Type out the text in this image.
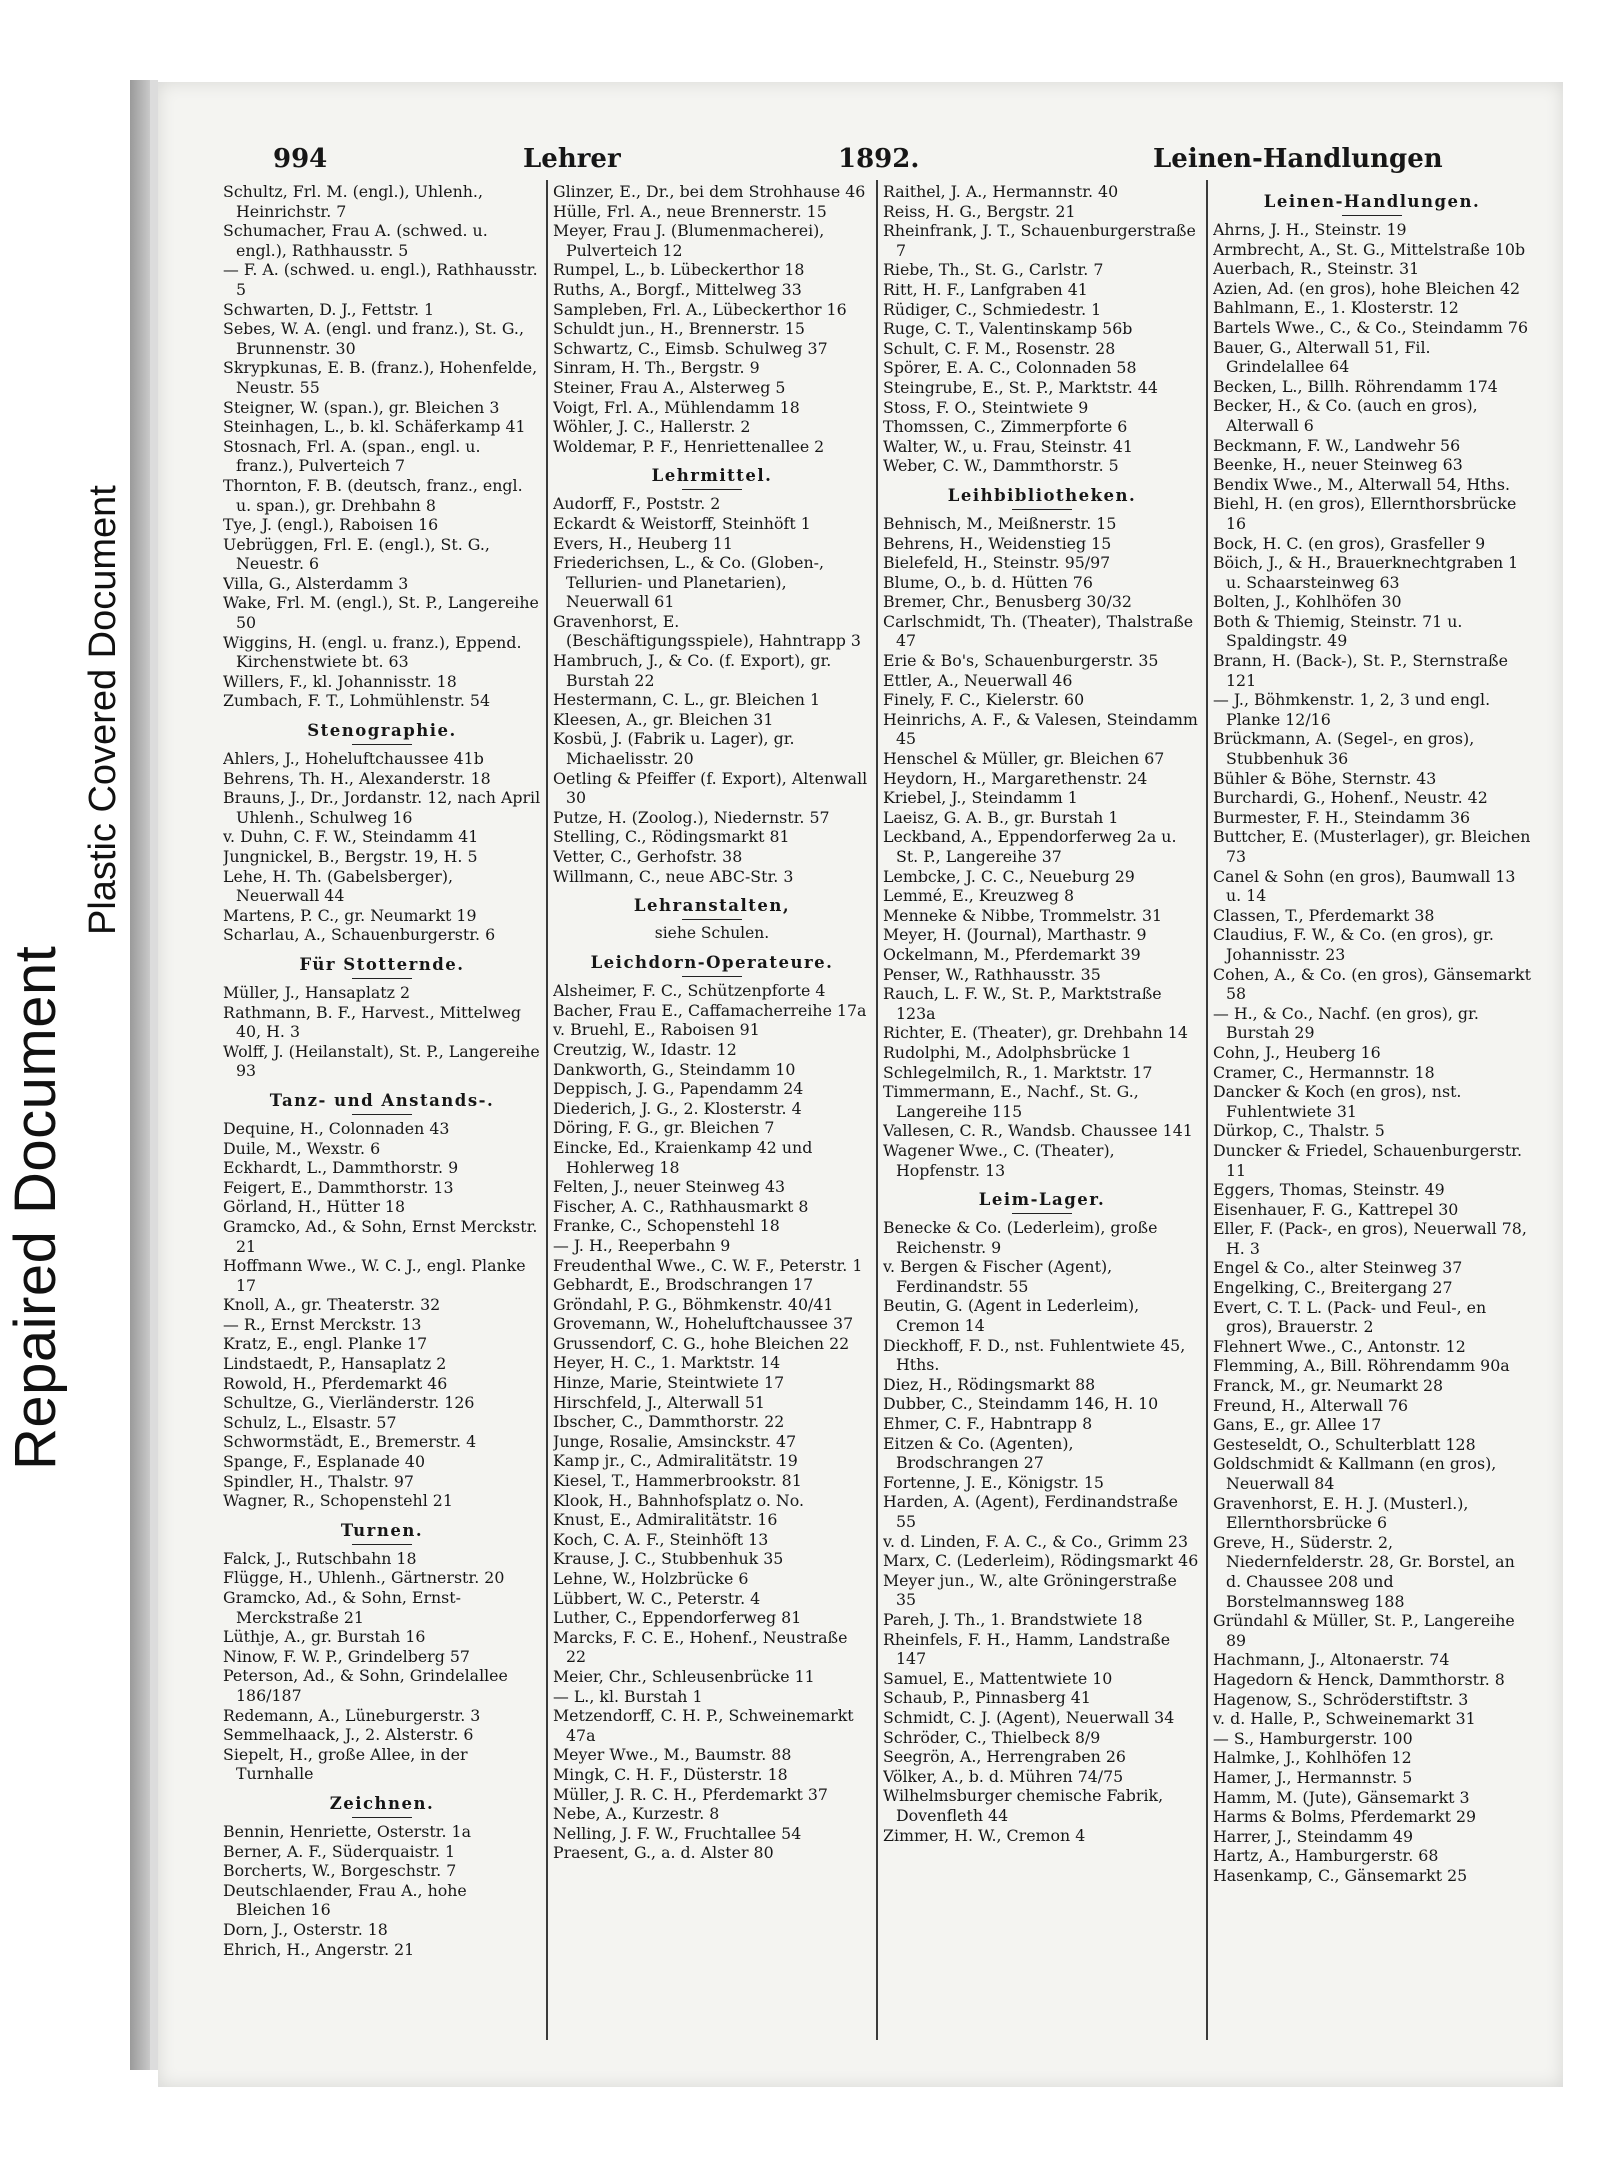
Repaired Document
Plastic Covered Document
994	Lehrer	1892.	Leinen-Handlungen

Schultz, Frl. M. (engl.), Uhlenh., Heinrichstr. 7

Schumacher, Frau A. (schwed. u. engl.), Rathhausstr. 5

— F. A. (schwed. u. engl.), Rathhausstr. 5

Schwarten, D. J., Fettstr. 1

Sebes, W. A. (engl. und franz.), St. G., Brunnenstr. 30

Skrypkunas, E. B. (franz.), Hohenfelde, Neustr. 55

Steigner, W. (span.), gr. Bleichen 3

Steinhagen, L., b. kl. Schäferkamp 41

Stosnach, Frl. A. (span., engl. u. franz.), Pulverteich 7

Thornton, F. B. (deutsch, franz., engl. u. span.), gr. Drehbahn 8

Tye, J. (engl.), Raboisen 16

Uebrüggen, Frl. E. (engl.), St. G., Neuestr. 6

Villa, G., Alsterdamm 3

Wake, Frl. M. (engl.), St. P., Langereihe 50

Wiggins, H. (engl. u. franz.), Eppend. Kirchenstwiete bt. 63

Willers, F., kl. Johannisstr. 18

Zumbach, F. T., Lohmühlenstr. 54

Stenographie.

Ahlers, J., Hoheluftchaussee 41b

Behrens, Th. H., Alexanderstr. 18

Brauns, J., Dr., Jordanstr. 12, nach April Uhlenh., Schulweg 16

v. Duhn, C. F. W., Steindamm 41

Jungnickel, B., Bergstr. 19, H. 5

Lehe, H. Th. (Gabelsberger), Neuerwall 44

Martens, P. C., gr. Neumarkt 19

Scharlau, A., Schauenburgerstr. 6

Für Stotternde.

Müller, J., Hansaplatz 2

Rathmann, B. F., Harvest., Mittelweg 40, H. 3

Wolff, J. (Heilanstalt), St. P., Langereihe 93

Tanz- und Anstands-.

Dequine, H., Colonnaden 43

Duile, M., Wexstr. 6

Eckhardt, L., Dammthorstr. 9

Feigert, E., Dammthorstr. 13

Görland, H., Hütter 18

Gramcko, Ad., & Sohn, Ernst Merckstr. 21

Hoffmann Wwe., W. C. J., engl. Planke 17

Knoll, A., gr. Theaterstr. 32

— R., Ernst Merckstr. 13

Kratz, E., engl. Planke 17

Lindstaedt, P., Hansaplatz 2

Rowold, H., Pferdemarkt 46

Schultze, G., Vierländerstr. 126

Schulz, L., Elsastr. 57

Schwormstädt, E., Bremerstr. 4

Spange, F., Esplanade 40

Spindler, H., Thalstr. 97

Wagner, R., Schopenstehl 21

Turnen.

Falck, J., Rutschbahn 18

Flügge, H., Uhlenh., Gärtnerstr. 20

Gramcko, Ad., & Sohn, Ernst-Merckstraße 21

Lüthje, A., gr. Burstah 16

Ninow, F. W. P., Grindelberg 57

Peterson, Ad., & Sohn, Grindelallee 186/187

Redemann, A., Lüneburgerstr. 3

Semmelhaack, J., 2. Alsterstr. 6

Siepelt, H., große Allee, in der Turnhalle

Zeichnen.

Bennin, Henriette, Osterstr. 1a

Berner, A. F., Süderquaistr. 1

Borcherts, W., Borgeschstr. 7

Deutschlaender, Frau A., hohe Bleichen 16

Dorn, J., Osterstr. 18

Ehrich, H., Angerstr. 21

Glinzer, E., Dr., bei dem Strohhause 46

Hülle, Frl. A., neue Brennerstr. 15

Meyer, Frau J. (Blumenmacherei), Pulverteich 12

Rumpel, L., b. Lübeckerthor 18

Ruths, A., Borgf., Mittelweg 33

Sampleben, Frl. A., Lübeckerthor 16

Schuldt jun., H., Brennerstr. 15

Schwartz, C., Eimsb. Schulweg 37

Sinram, H. Th., Bergstr. 9

Steiner, Frau A., Alsterweg 5

Voigt, Frl. A., Mühlendamm 18

Wöhler, J. C., Hallerstr. 2

Woldemar, P. F., Henriettenallee 2

Lehrmittel.

Audorff, F., Poststr. 2

Eckardt & Weistorff, Steinhöft 1

Evers, H., Heuberg 11

Friederichsen, L., & Co. (Globen-, Tellurien- und Planetarien), Neuerwall 61

Gravenhorst, E. (Beschäftigungsspiele), Hahntrapp 3

Hambruch, J., & Co. (f. Export), gr. Burstah 22

Hestermann, C. L., gr. Bleichen 1

Kleesen, A., gr. Bleichen 31

Kosbü, J. (Fabrik u. Lager), gr. Michaelisstr. 20

Oetling & Pfeiffer (f. Export), Altenwall 30

Putze, H. (Zoolog.), Niedernstr. 57

Stelling, C., Rödingsmarkt 81

Vetter, C., Gerhofstr. 38

Willmann, C., neue ABC-Str. 3

Lehranstalten,
siehe Schulen.
Leichdorn-Operateure.

Alsheimer, F. C., Schützenpforte 4

Bacher, Frau E., Caffamacherreihe 17a

v. Bruehl, E., Raboisen 91

Creutzig, W., Idastr. 12

Dankworth, G., Steindamm 10

Deppisch, J. G., Papendamm 24

Diederich, J. G., 2. Klosterstr. 4

Döring, F. G., gr. Bleichen 7

Eincke, Ed., Kraienkamp 42 und Hohlerweg 18

Felten, J., neuer Steinweg 43

Fischer, A. C., Rathhausmarkt 8

Franke, C., Schopenstehl 18

— J. H., Reeperbahn 9

Freudenthal Wwe., C. W. F., Peterstr. 1

Gebhardt, E., Brodschrangen 17

Gröndahl, P. G., Böhmkenstr. 40/41

Grovemann, W., Hoheluftchaussee 37

Grussendorf, C. G., hohe Bleichen 22

Heyer, H. C., 1. Marktstr. 14

Hinze, Marie, Steintwiete 17

Hirschfeld, J., Alterwall 51

Ibscher, C., Dammthorstr. 22

Junge, Rosalie, Amsinckstr. 47

Kamp jr., C., Admiralitätstr. 19

Kiesel, T., Hammerbrookstr. 81

Klook, H., Bahnhofsplatz o. No.

Knust, E., Admiralitätstr. 16

Koch, C. A. F., Steinhöft 13

Krause, J. C., Stubbenhuk 35

Lehne, W., Holzbrücke 6

Lübbert, W. C., Peterstr. 4

Luther, C., Eppendorferweg 81

Marcks, F. C. E., Hohenf., Neustraße 22

Meier, Chr., Schleusenbrücke 11

— L., kl. Burstah 1

Metzendorff, C. H. P., Schweinemarkt 47a

Meyer Wwe., M., Baumstr. 88

Mingk, C. H. F., Düsterstr. 18

Müller, J. R. C. H., Pferdemarkt 37

Nebe, A., Kurzestr. 8

Nelling, J. F. W., Fruchtallee 54

Praesent, G., a. d. Alster 80

Raithel, J. A., Hermannstr. 40

Reiss, H. G., Bergstr. 21

Rheinfrank, J. T., Schauenburgerstraße 7

Riebe, Th., St. G., Carlstr. 7

Ritt, H. F., Lanfgraben 41

Rüdiger, C., Schmiedestr. 1

Ruge, C. T., Valentinskamp 56b

Schult, C. F. M., Rosenstr. 28

Spörer, E. A. C., Colonnaden 58

Steingrube, E., St. P., Marktstr. 44

Stoss, F. O., Steintwiete 9

Thomssen, C., Zimmerpforte 6

Walter, W., u. Frau, Steinstr. 41

Weber, C. W., Dammthorstr. 5

Leihbibliotheken.

Behnisch, M., Meißnerstr. 15

Behrens, H., Weidenstieg 15

Bielefeld, H., Steinstr. 95/97

Blume, O., b. d. Hütten 76

Bremer, Chr., Benusberg 30/32

Carlschmidt, Th. (Theater), Thalstraße 47

Erie & Bo's, Schauenburgerstr. 35

Ettler, A., Neuerwall 46

Finely, F. C., Kielerstr. 60

Heinrichs, A. F., & Valesen, Steindamm 45

Henschel & Müller, gr. Bleichen 67

Heydorn, H., Margarethenstr. 24

Kriebel, J., Steindamm 1

Laeisz, G. A. B., gr. Burstah 1

Leckband, A., Eppendorferweg 2a u. St. P., Langereihe 37

Lembcke, J. C. C., Neueburg 29

Lemmé, E., Kreuzweg 8

Menneke & Nibbe, Trommelstr. 31

Meyer, H. (Journal), Marthastr. 9

Ockelmann, M., Pferdemarkt 39

Penser, W., Rathhausstr. 35

Rauch, L. F. W., St. P., Marktstraße 123a

Richter, E. (Theater), gr. Drehbahn 14

Rudolphi, M., Adolphsbrücke 1

Schlegelmilch, R., 1. Marktstr. 17

Timmermann, E., Nachf., St. G., Langereihe 115

Vallesen, C. R., Wandsb. Chaussee 141

Wagener Wwe., C. (Theater), Hopfenstr. 13

Leim-Lager.

Benecke & Co. (Lederleim), große Reichenstr. 9

v. Bergen & Fischer (Agent), Ferdinandstr. 55

Beutin, G. (Agent in Lederleim), Cremon 14

Dieckhoff, F. D., nst. Fuhlentwiete 45, Hths.

Diez, H., Rödingsmarkt 88

Dubber, C., Steindamm 146, H. 10

Ehmer, C. F., Habntrapp 8

Eitzen & Co. (Agenten), Brodschrangen 27

Fortenne, J. E., Königstr. 15

Harden, A. (Agent), Ferdinandstraße 55

v. d. Linden, F. A. C., & Co., Grimm 23

Marx, C. (Lederleim), Rödingsmarkt 46

Meyer jun., W., alte Gröningerstraße 35

Pareh, J. Th., 1. Brandstwiete 18

Rheinfels, F. H., Hamm, Landstraße 147

Samuel, E., Mattentwiete 10

Schaub, P., Pinnasberg 41

Schmidt, C. J. (Agent), Neuerwall 34

Schröder, C., Thielbeck 8/9

Seegrön, A., Herrengraben 26

Völker, A., b. d. Mühren 74/75

Wilhelmsburger chemische Fabrik, Dovenfleth 44

Zimmer, H. W., Cremon 4

Leinen-Handlungen.

Ahrns, J. H., Steinstr. 19

Armbrecht, A., St. G., Mittelstraße 10b

Auerbach, R., Steinstr. 31

Azien, Ad. (en gros), hohe Bleichen 42

Bahlmann, E., 1. Klosterstr. 12

Bartels Wwe., C., & Co., Steindamm 76

Bauer, G., Alterwall 51, Fil. Grindelallee 64

Becken, L., Billh. Röhrendamm 174

Becker, H., & Co. (auch en gros), Alterwall 6

Beckmann, F. W., Landwehr 56

Beenke, H., neuer Steinweg 63

Bendix Wwe., M., Alterwall 54, Hths.

Biehl, H. (en gros), Ellernthorsbrücke 16

Bock, H. C. (en gros), Grasfeller 9

Böich, J., & H., Brauerknechtgraben 1 u. Schaarsteinweg 63

Bolten, J., Kohlhöfen 30

Both & Thiemig, Steinstr. 71 u. Spaldingstr. 49

Brann, H. (Back-), St. P., Sternstraße 121

— J., Böhmkenstr. 1, 2, 3 und engl. Planke 12/16

Brückmann, A. (Segel-, en gros), Stubbenhuk 36

Bühler & Böhe, Sternstr. 43

Burchardi, G., Hohenf., Neustr. 42

Burmester, F. H., Steindamm 36

Buttcher, E. (Musterlager), gr. Bleichen 73

Canel & Sohn (en gros), Baumwall 13 u. 14

Classen, T., Pferdemarkt 38

Claudius, F. W., & Co. (en gros), gr. Johannisstr. 23

Cohen, A., & Co. (en gros), Gänsemarkt 58

— H., & Co., Nachf. (en gros), gr. Burstah 29

Cohn, J., Heuberg 16

Cramer, C., Hermannstr. 18

Dancker & Koch (en gros), nst. Fuhlentwiete 31

Dürkop, C., Thalstr. 5

Duncker & Friedel, Schauenburgerstr. 11

Eggers, Thomas, Steinstr. 49

Eisenhauer, F. G., Kattrepel 30

Eller, F. (Pack-, en gros), Neuerwall 78, H. 3

Engel & Co., alter Steinweg 37

Engelking, C., Breitergang 27

Evert, C. T. L. (Pack- und Feul-, en gros), Brauerstr. 2

Flehnert Wwe., C., Antonstr. 12

Flemming, A., Bill. Röhrendamm 90a

Franck, M., gr. Neumarkt 28

Freund, H., Alterwall 76

Gans, E., gr. Allee 17

Gesteseldt, O., Schulterblatt 128

Goldschmidt & Kallmann (en gros), Neuerwall 84

Gravenhorst, E. H. J. (Musterl.), Ellernthorsbrücke 6

Greve, H., Süderstr. 2, Niedernfelderstr. 28, Gr. Borstel, an d. Chaussee 208 und Borstelmannsweg 188

Gründahl & Müller, St. P., Langereihe 89

Hachmann, J., Altonaerstr. 74

Hagedorn & Henck, Dammthorstr. 8

Hagenow, S., Schröderstiftstr. 3

v. d. Halle, P., Schweinemarkt 31

— S., Hamburgerstr. 100

Halmke, J., Kohlhöfen 12

Hamer, J., Hermannstr. 5

Hamm, M. (Jute), Gänsemarkt 3

Harms & Bolms, Pferdemarkt 29

Harrer, J., Steindamm 49

Hartz, A., Hamburgerstr. 68

Hasenkamp, C., Gänsemarkt 25
